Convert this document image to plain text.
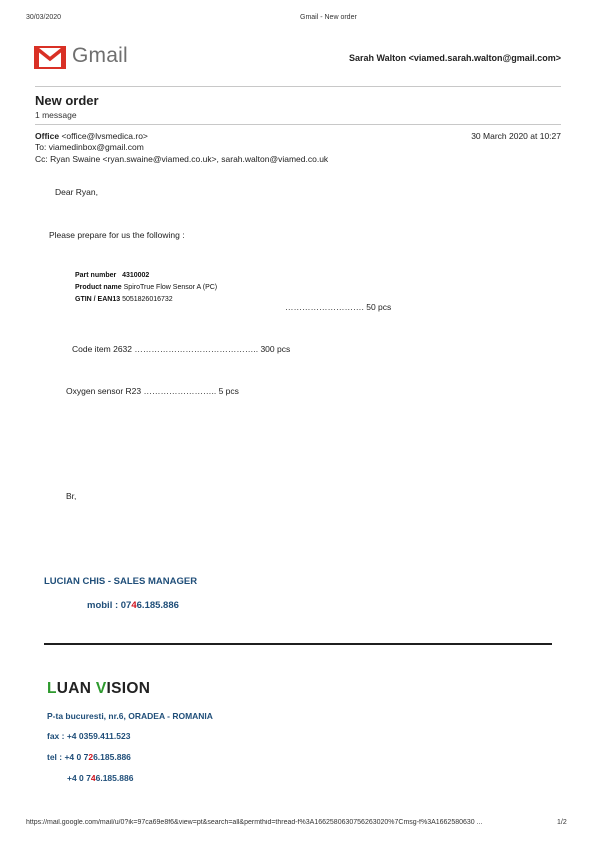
30/03/2020	Gmail - New order
Gmail	Sarah Walton <viamed.sarah.walton@gmail.com>
New order
1 message
Office <office@lvsmedica.ro>	30 March 2020 at 10:27
To: viamedinbox@gmail.com
Cc: Ryan Swaine <ryan.swaine@viamed.co.uk>, sarah.walton@viamed.co.uk
Dear Ryan,
Please prepare for us the following :
Part number 4310002
Product name SpiroTrue Flow Sensor A (PC)
GTIN / EAN13 5051826016732
………………………. 50 pcs
Code item 2632 …………………………………….. 300 pcs
Oxygen sensor R23 …………………….. 5 pcs
Br,
LUCIAN CHIS - SALES MANAGER
mobil : 0746.185.886
LUAN VISION
P-ta bucuresti, nr.6, ORADEA - ROMANIA
fax : +4 0359.411.523
tel : +4 0 726.185.886
+4 0 746.185.886
https://mail.google.com/mail/u/0?ik=97ca69e8f6&view=pt&search=all&permthid=thread-f%3A1662580630756263020%7Cmsg-f%3A1662580630 ...	1/2
